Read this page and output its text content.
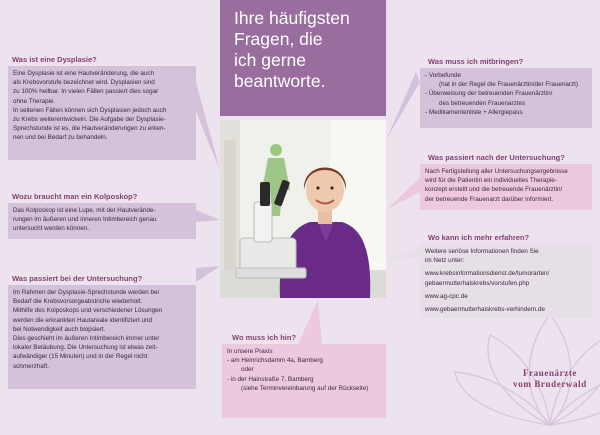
Ihre häufigsten
Fragen, die
ich gerne
beantworte.
Was ist eine Dysplasie?

Eine Dysplasie ist eine Hautveränderung, die auch

als Krebsvorstufe bezeichnet wird. Dysplasien sind

zu 100% heilbar. In vielen Fällen passiert dies sogar

ohne Therapie.

In seltenen Fällen können sich Dysplasien jedoch auch

zu Krebs weiterentwickeln. Die Aufgabe der Dysplasie-

Sprechstunde ist es, die Hautveränderungen zu erken-

nen und bei Bedarf zu behandeln.

Wozu braucht man ein Kolposkop?

Das Kolposkop ist eine Lupe, mit der Hautverände-

rungen im äußeren und inneren Intimbereich genau

untersucht werden können.

Was passiert bei der Untersuchung?

Im Rahmen der Dysplasie-Sprechstunde werden bei

Bedarf die Krebsvorsorgeabstriche wiederholt.

Mithilfe des Kolposkops und verschiedener Lösungen

werden die erkrankten Hautareale identifiziert und

bei Notwendigkeit auch biopsiert.

Dies geschieht im äußeren Intimbereich immer unter

lokaler Betäubung. Die Untersuchung ist etwas zeit-

aufwändiger (15 Minuten) und in der Regel nicht

schmerzhaft.

Wo muss ich hin?

In unsere Praxis

- am Heinrichsdamm 4a, Bamberg

oder

- in der Hainstraße 7, Bamberg

(siehe Terminvereinbarung auf der Rückseite)

Was muss ich mitbringen?

- Vorbefunde

(hat in der Regel die Frauenärztin/der Frauenarzt)

- Überweisung der betreuenden Frauenärztin/

des betreuenden Frauenarztes

- Medikamentenliste + Allergiepass

Was passiert nach der Untersuchung?

Nach Fertigstellung aller Untersuchungsergebnisse

wird für die Patientin ein individuelles Therapie-

konzept erstellt und die betreuende Frauenärztin/

der betreuende Frauenarzt darüber informiert.

Wo kann ich mehr erfahren?

Weitere seriöse Informationen finden Sie

im Netz unter:

www.krebsinformationsdienst.de/tumorarten/

gebaermutterhalskrebs/vorstufen.php

www.ag-cpc.de

www.gebaermutterhalskrebs-verhindern.de

Frauenärzte
vom Bruderwald
